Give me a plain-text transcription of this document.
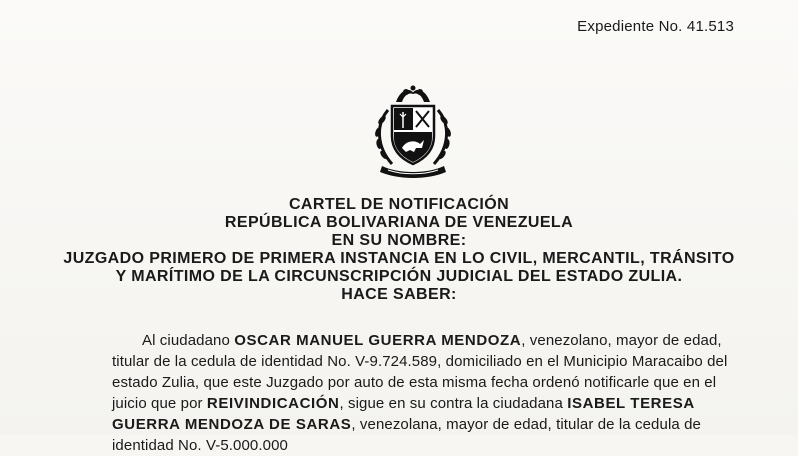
Expediente No. 41.513
CARTEL DE NOTIFICACIÓN
REPÚBLICA BOLIVARIANA DE VENEZUELA
EN SU NOMBRE:
JUZGADO PRIMERO DE PRIMERA INSTANCIA EN LO CIVIL, MERCANTIL, TRÁNSITO
Y MARÍTIMO DE LA CIRCUNSCRIPCIÓN JUDICIAL DEL ESTADO ZULIA.
HACE SABER:
Al ciudadano OSCAR MANUEL GUERRA MENDOZA, venezolano, mayor de edad,
titular de la cedula de identidad No. V-9.724.589, domiciliado en el Municipio Maracaibo del
estado Zulia, que este Juzgado por auto de esta misma fecha ordenó notificarle que en el
juicio que por REIVINDICACIÓN, sigue en su contra la ciudadana ISABEL TERESA
GUERRA MENDOZA DE SARAS, venezolana, mayor de edad, titular de la cedula de
identidad No. V-5.000.000
